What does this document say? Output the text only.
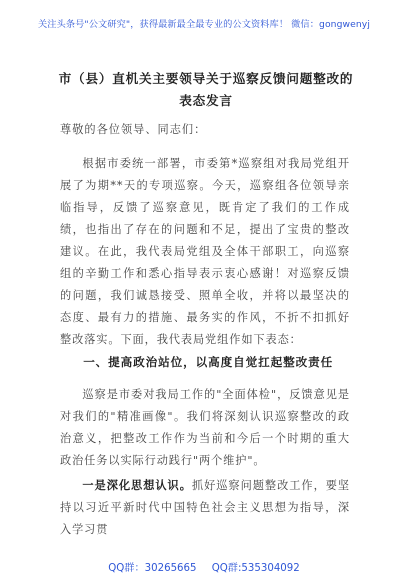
关注头条号"公文研究"，获得最新最全最专业的公文资料库！ 微信：gongwenyj
市（县）直机关主要领导关于巡察反馈问题整改的表态发言
尊敬的各位领导、同志们：

根据市委统一部署，市委第*巡察组对我局党组开展了为期**天的专项巡察。今天，巡察组各位领导亲临指导，反馈了巡察意见，既肯定了我们的工作成绩，也指出了存在的问题和不足，提出了宝贵的整改建议。在此，我代表局党组及全体干部职工，向巡察组的辛勤工作和悉心指导表示衷心感谢！对巡察反馈的问题，我们诚恳接受、照单全收，并将以最坚决的态度、最有力的措施、最务实的作风，不折不扣抓好整改落实。下面，我代表局党组作如下表态：

一、提高政治站位，以高度自觉扛起整改责任

巡察是市委对我局工作的"全面体检"，反馈意见是对我们的"精准画像"。我们将深刻认识巡察整改的政治意义，把整改工作作为当前和今后一个时期的重大政治任务以实际行动践行"两个维护"。

一是深化思想认识。抓好巡察问题整改工作，要坚持以习近平新时代中国特色社会主义思想为指导，深入学习贯

QQ群：30265665 QQ群:535304092
